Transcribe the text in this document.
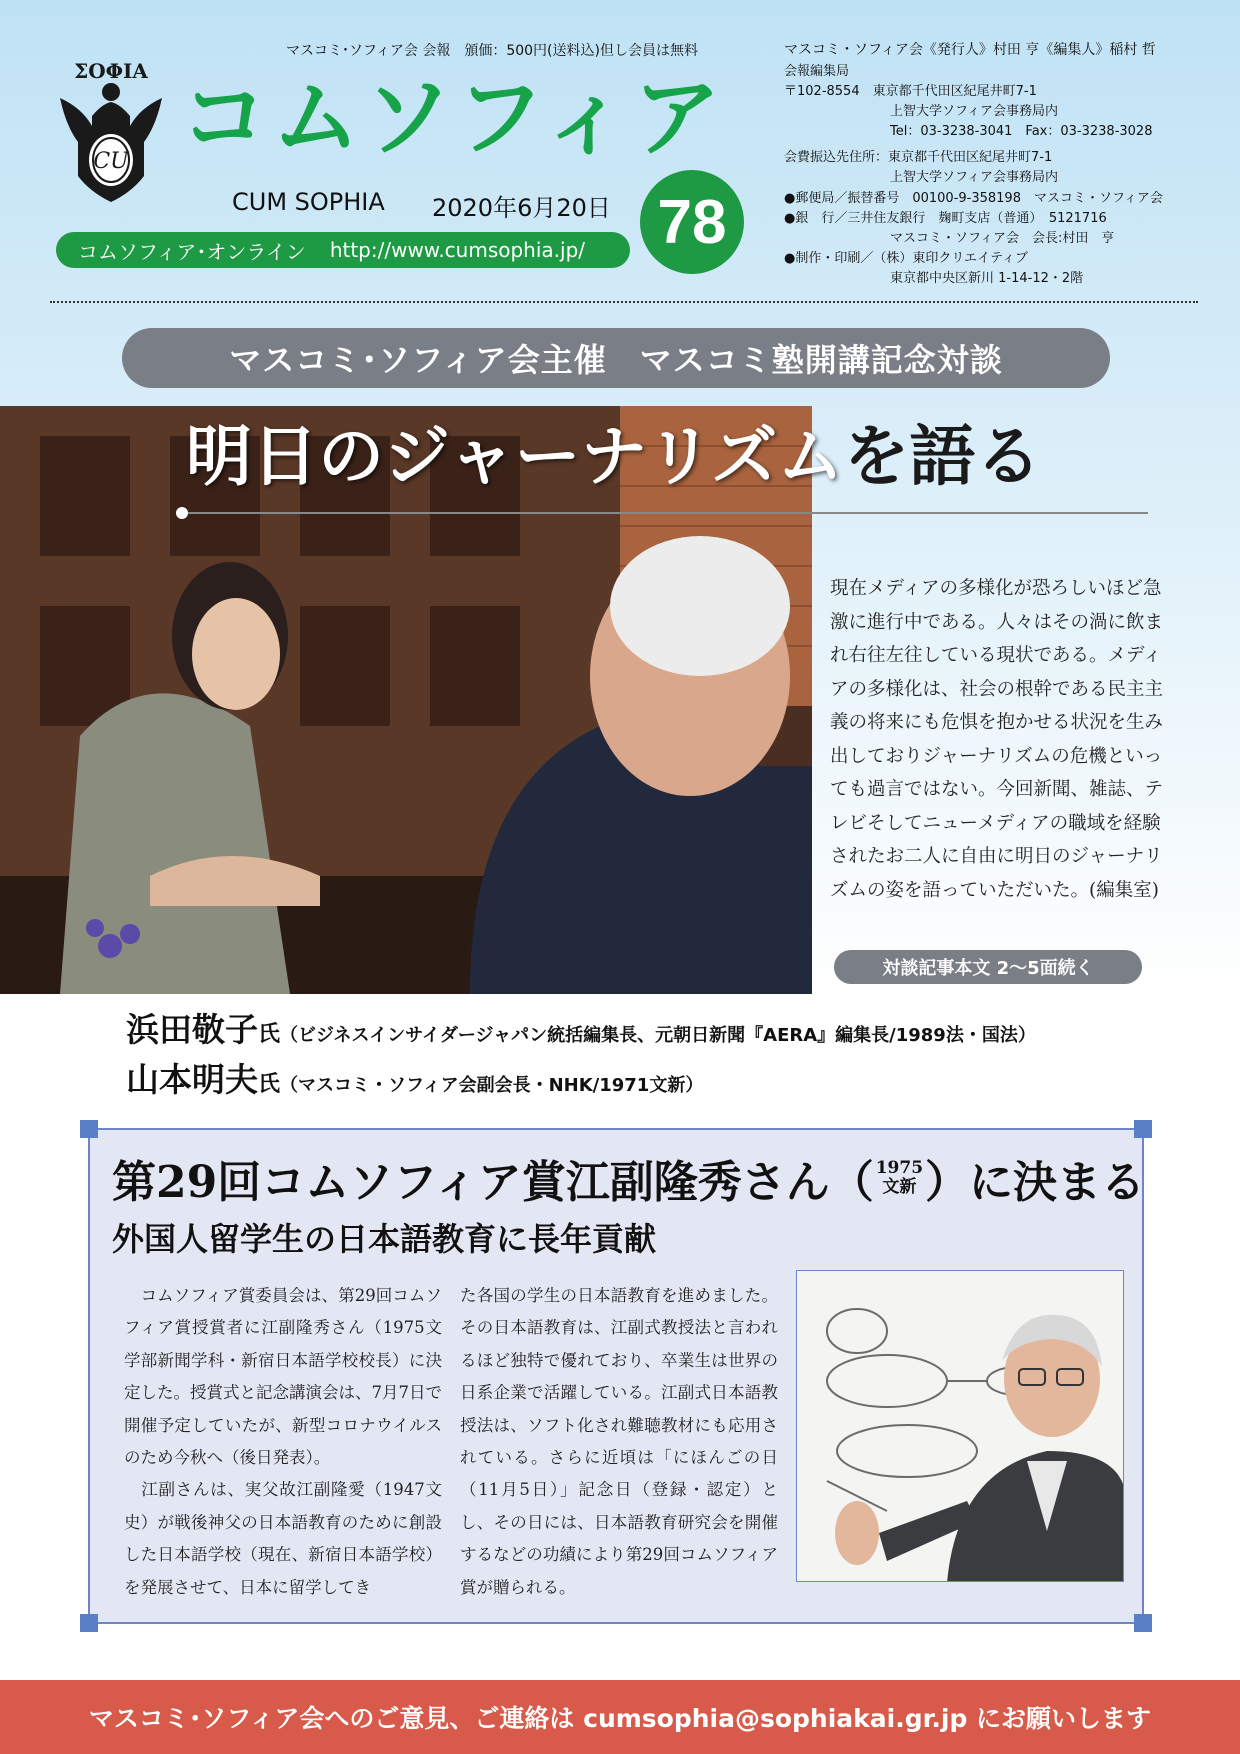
ΣΟΦΙΑ
CU
マスコミ･ソフィア会 会報　頒価：500円(送料込)但し会員は無料
コムソフィア
CUM SOPHIA 2020年6月20日 78
コムソフィア･オンライン http://www.cumsophia.jp/
マスコミ・ソフィア会《発行人》村田 亨《編集人》稲村 哲
会報編集局
〒102-8554　 東京都千代田区紀尾井町7-1
上智大学ソフィア会事務局内
Tel：03-3238-3041　Fax：03-3238-3028
会費振込先住所：東京都千代田区紀尾井町7-1
上智大学ソフィア会事務局内
●郵便局／振替番号　00100-9-358198　マスコミ・ソフィア会
●銀　行／三井住友銀行　麹町支店（普通）　5121716
マスコミ・ソフィア会　会長:村田　亨
●制作・印刷／（株）東印クリエイティブ
東京都中央区新川 1-14-12・2階
マスコミ･ソフィア会主催　マスコミ塾開講記念対談
明日のジャーナリズムを語る
現在メディアの多様化が恐ろしいほど急激に進行中である。人々はその渦に飲まれ右往左往している現状である。メディアの多様化は、社会の根幹である民主主義の将来にも危惧を抱かせる状況を生み出しておりジャーナリズムの危機といっても過言ではない。今回新聞、雑誌、テレビそしてニューメディアの職域を経験されたお二人に自由に明日のジャーナリズムの姿を語っていただいた。(編集室)
対談記事本文 2～5面続く
浜田敬子氏（ビジネスインサイダージャパン統括編集長、元朝日新聞『AERA』編集長/1989法・国法）
山本明夫氏（マスコミ・ソフィア会副会長・NHK/1971文新）
第29回コムソフィア賞江副隆秀さん （ 1975
文新 ） に決まる
外国人留学生の日本語教育に長年貢献
　コムソフィア賞委員会は、第29回コムソフィア賞授賞者に江副隆秀さん（1975文学部新聞学科・新宿日本語学校校長）に決定した。授賞式と記念講演会は、7月7日で開催予定していたが、新型コロナウイルスのため今秋へ（後日発表）。
　江副さんは、実父故江副隆愛（1947文史）が戦後神父の日本語教育のために創設した日本語学校（現在、新宿日本語学校）を発展させて、日本に留学してき
た各国の学生の日本語教育を進めました。その日本語教育は、江副式教授法と言われるほど独特で優れており、卒業生は世界の日系企業で活躍している。江副式日本語教授法は、ソフト化され難聴教材にも応用されている。さらに近頃は「にほんごの日（11月5日）」記念日（登録・認定）とし、その日には、日本語教育研究会を開催するなどの功績により第29回コムソフィア賞が贈られる。
マスコミ･ソフィア会へのご意見、ご連絡は cumsophia@sophiakai.gr.jp にお願いします
